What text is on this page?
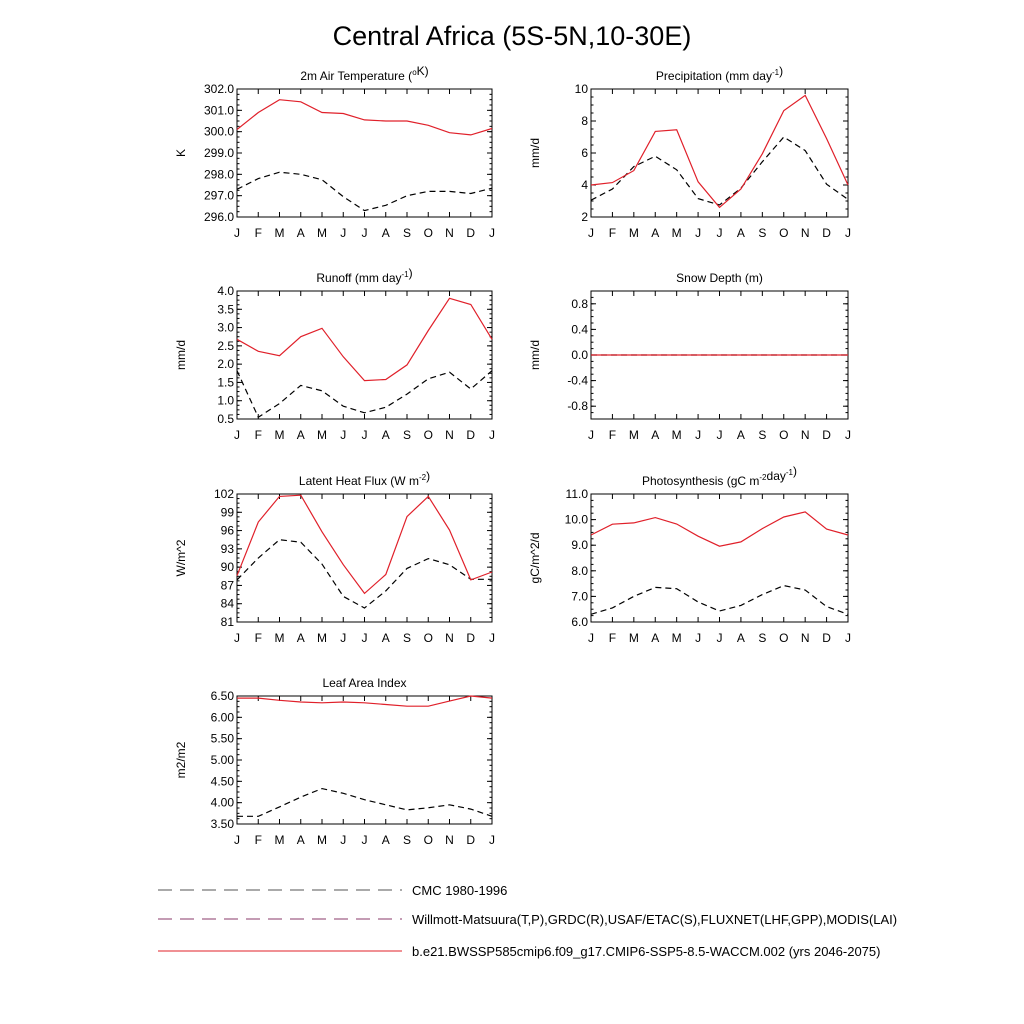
Central Africa (5S-5N,10-30E)
2m Air Temperature ($^o$K)
J F M A M J J A S O N D J
296.0
297.0
298.0
299.0
300.0
301.0
302.0
K
Precipitation (mm day$^{-1}$)
J F M A M J J A S O N D J
2
4
6
8
10
mm/d
Runoff (mm day$^{-1}$)
J F M A M J J A S O N D J
0.5
1.0
1.5
2.0
2.5
3.0
3.5
4.0
mm/d
Snow Depth (m)
J F M A M J J A S O N D J
-0.8
-0.4
0.0
0.4
0.8
mm/d
Latent Heat Flux (W $m^{-2}$)
J F M A M J J A S O N D J
81
84
87
90
93
96
99
102
W/m^2
Photosynthesis (gC $m^{-2}day^{-1}$)
J F M A M J J A S O N D J
6.0
7.0
8.0
9.0
10.0
11.0
gC/m^2/d
Leaf Area Index
J F M A M J J A S O N D J
3.50
4.00
4.50
5.00
5.50
6.00
6.50
m2/m2
CMC 1980-1996
Willmott-Matsuura(T,P),GRDC(R),USAF/ETAC(S),FLUXNET(LHF,GPP),MODIS(LAI)
b.e21.BWSSP585cmip6.f09_g17.CMIP6-SSP5-8.5-WACCM.002 (yrs 2046-2075)
